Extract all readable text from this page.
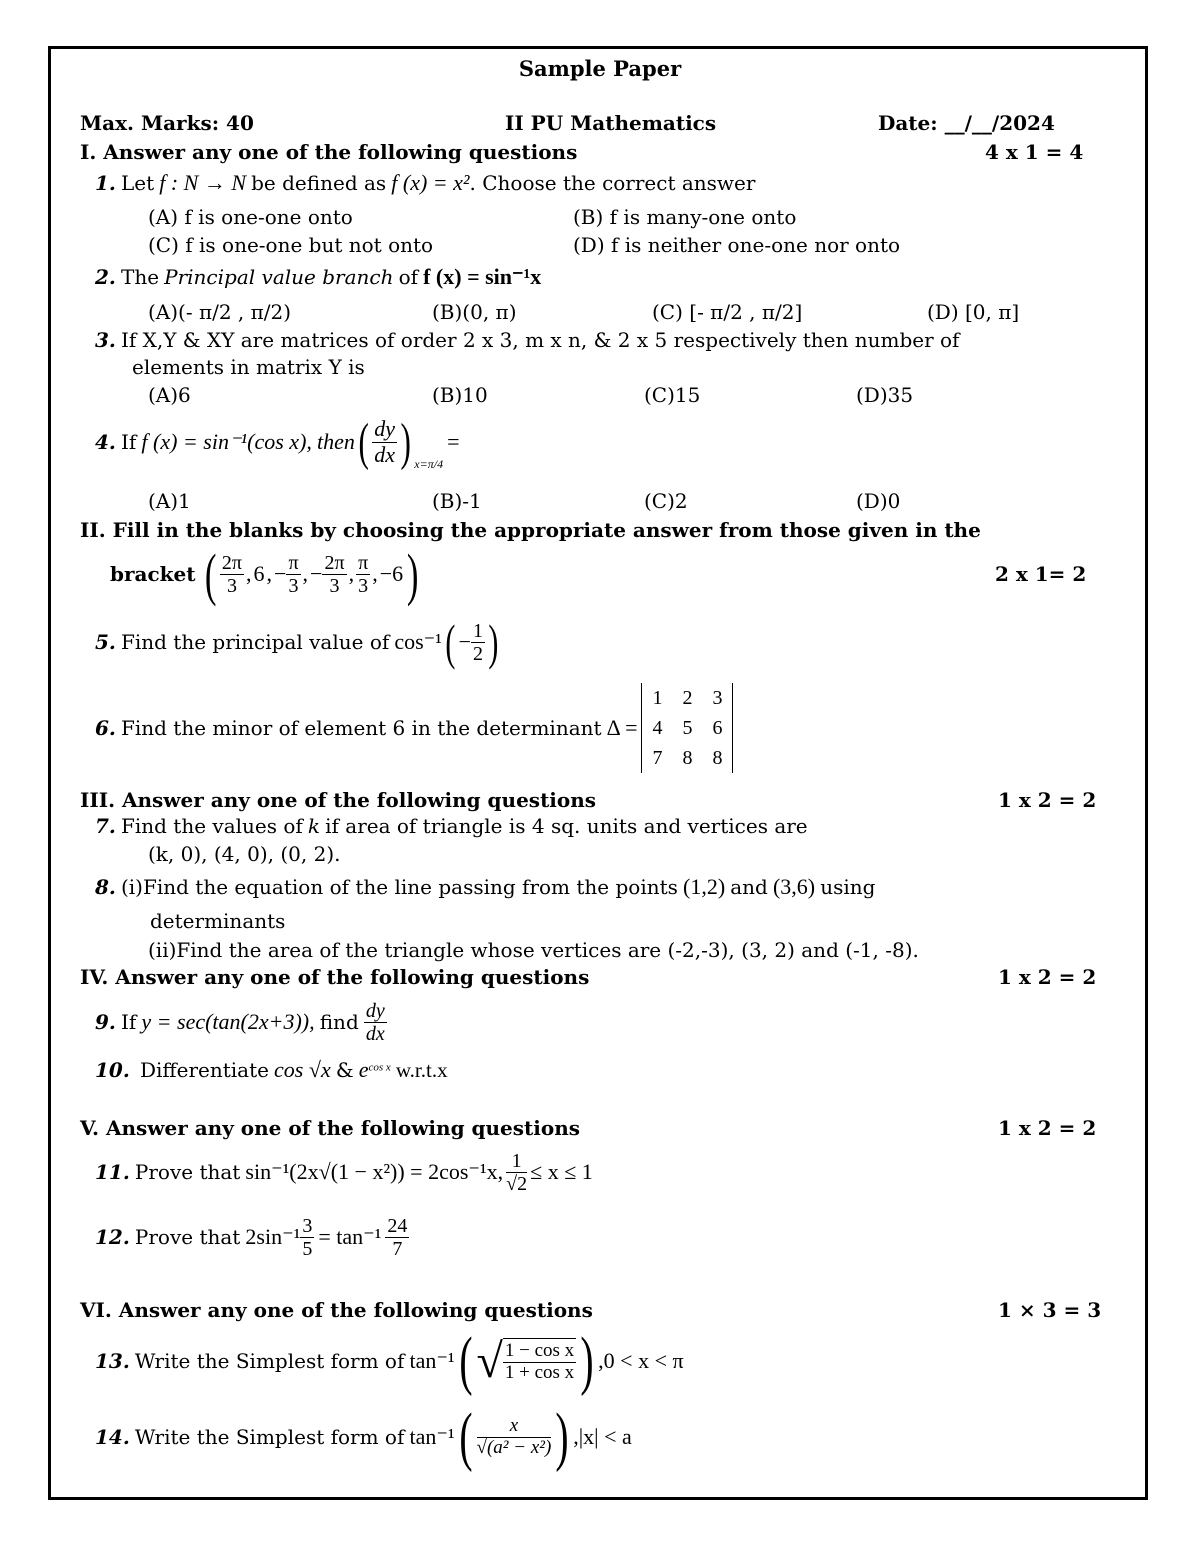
Sample Paper
Max. Marks: 40	II PU Mathematics	Date: __/__/2024
I. Answer any one of the following questions	4 x 1 = 4
1. Let f : N → N be defined as f (x) = x². Choose the correct answer
(A) f is one-one onto	(B) f is many-one onto
(C) f is one-one but not onto	(D) f is neither one-one nor onto
2. The Principal value branch of f (x) = sin⁻¹x
(A)(- π/2 , π/2)	(B)(0, π)	(C) [- π/2 , π/2]	(D) [0, π]
3. If X,Y & XY are matrices of order 2 x 3, m x n, & 2 x 5 respectively then number of
elements in matrix Y is
(A)6	(B)10	(C)15	(D)35
4.
If
f (x) = sin⁻¹(cos x),
then ( $\frac{dy}{dx}$ ) x=π/4
=
(A)1	(B)-1	(C)2	(D)0
II. Fill in the blanks by choosing the appropriate answer from those given in the
bracket
( $\frac{2\pi}{3}$ , 6 , − $\frac{\pi}{3}$ , − $\frac{2\pi}{3}$ , $\frac{\pi}{3}$ , −6 )	2 x 1= 2
5.
Find the principal value of
cos⁻¹ ( − $\frac{1}{2}$ )
6.
Find the minor of element 6 in the determinant
Δ =
1	2	3
4	5	6
7	8	8
III. Answer any one of the following questions	1 x 2 = 2
7. Find the values of k if area of triangle is 4 sq. units and vertices are
(k, 0), (4, 0), (0, 2).
8. (i)Find the equation of the line passing from the points (1,2) and (3,6) using
determinants
(ii)Find the area of the triangle whose vertices are (-2,-3), (3, 2) and (-1, -8).
IV. Answer any one of the following questions	1 x 2 = 2
9.
If
y = sec(tan(2x+3)),
find
$\frac{dy}{dx}$
10. Differentiate cos √x & $e^{cos x}$ w.r.t.x
V. Answer any one of the following questions	1 x 2 = 2
11.
Prove that
sin⁻¹(2x√(1 − x²)) = 2cos⁻¹x, $\frac{1}{√2} \le x \le 1$
12.
Prove that
$2\sin^{-1} \frac{3}{5} = \tan^{-1} \frac{24}{7}$
VI. Answer any one of the following questions	1 × 3 = 3
13.
Write the Simplest form of
tan⁻¹ ( √ $\frac{\text{1 − cos x}}{\text{1 + cos x}}$ ) ,0 < x < π
14.
Write the Simplest form of
tan⁻¹ ( $\frac{x}{\text{√(a² − x²)}}$ ) ,|x| < a
